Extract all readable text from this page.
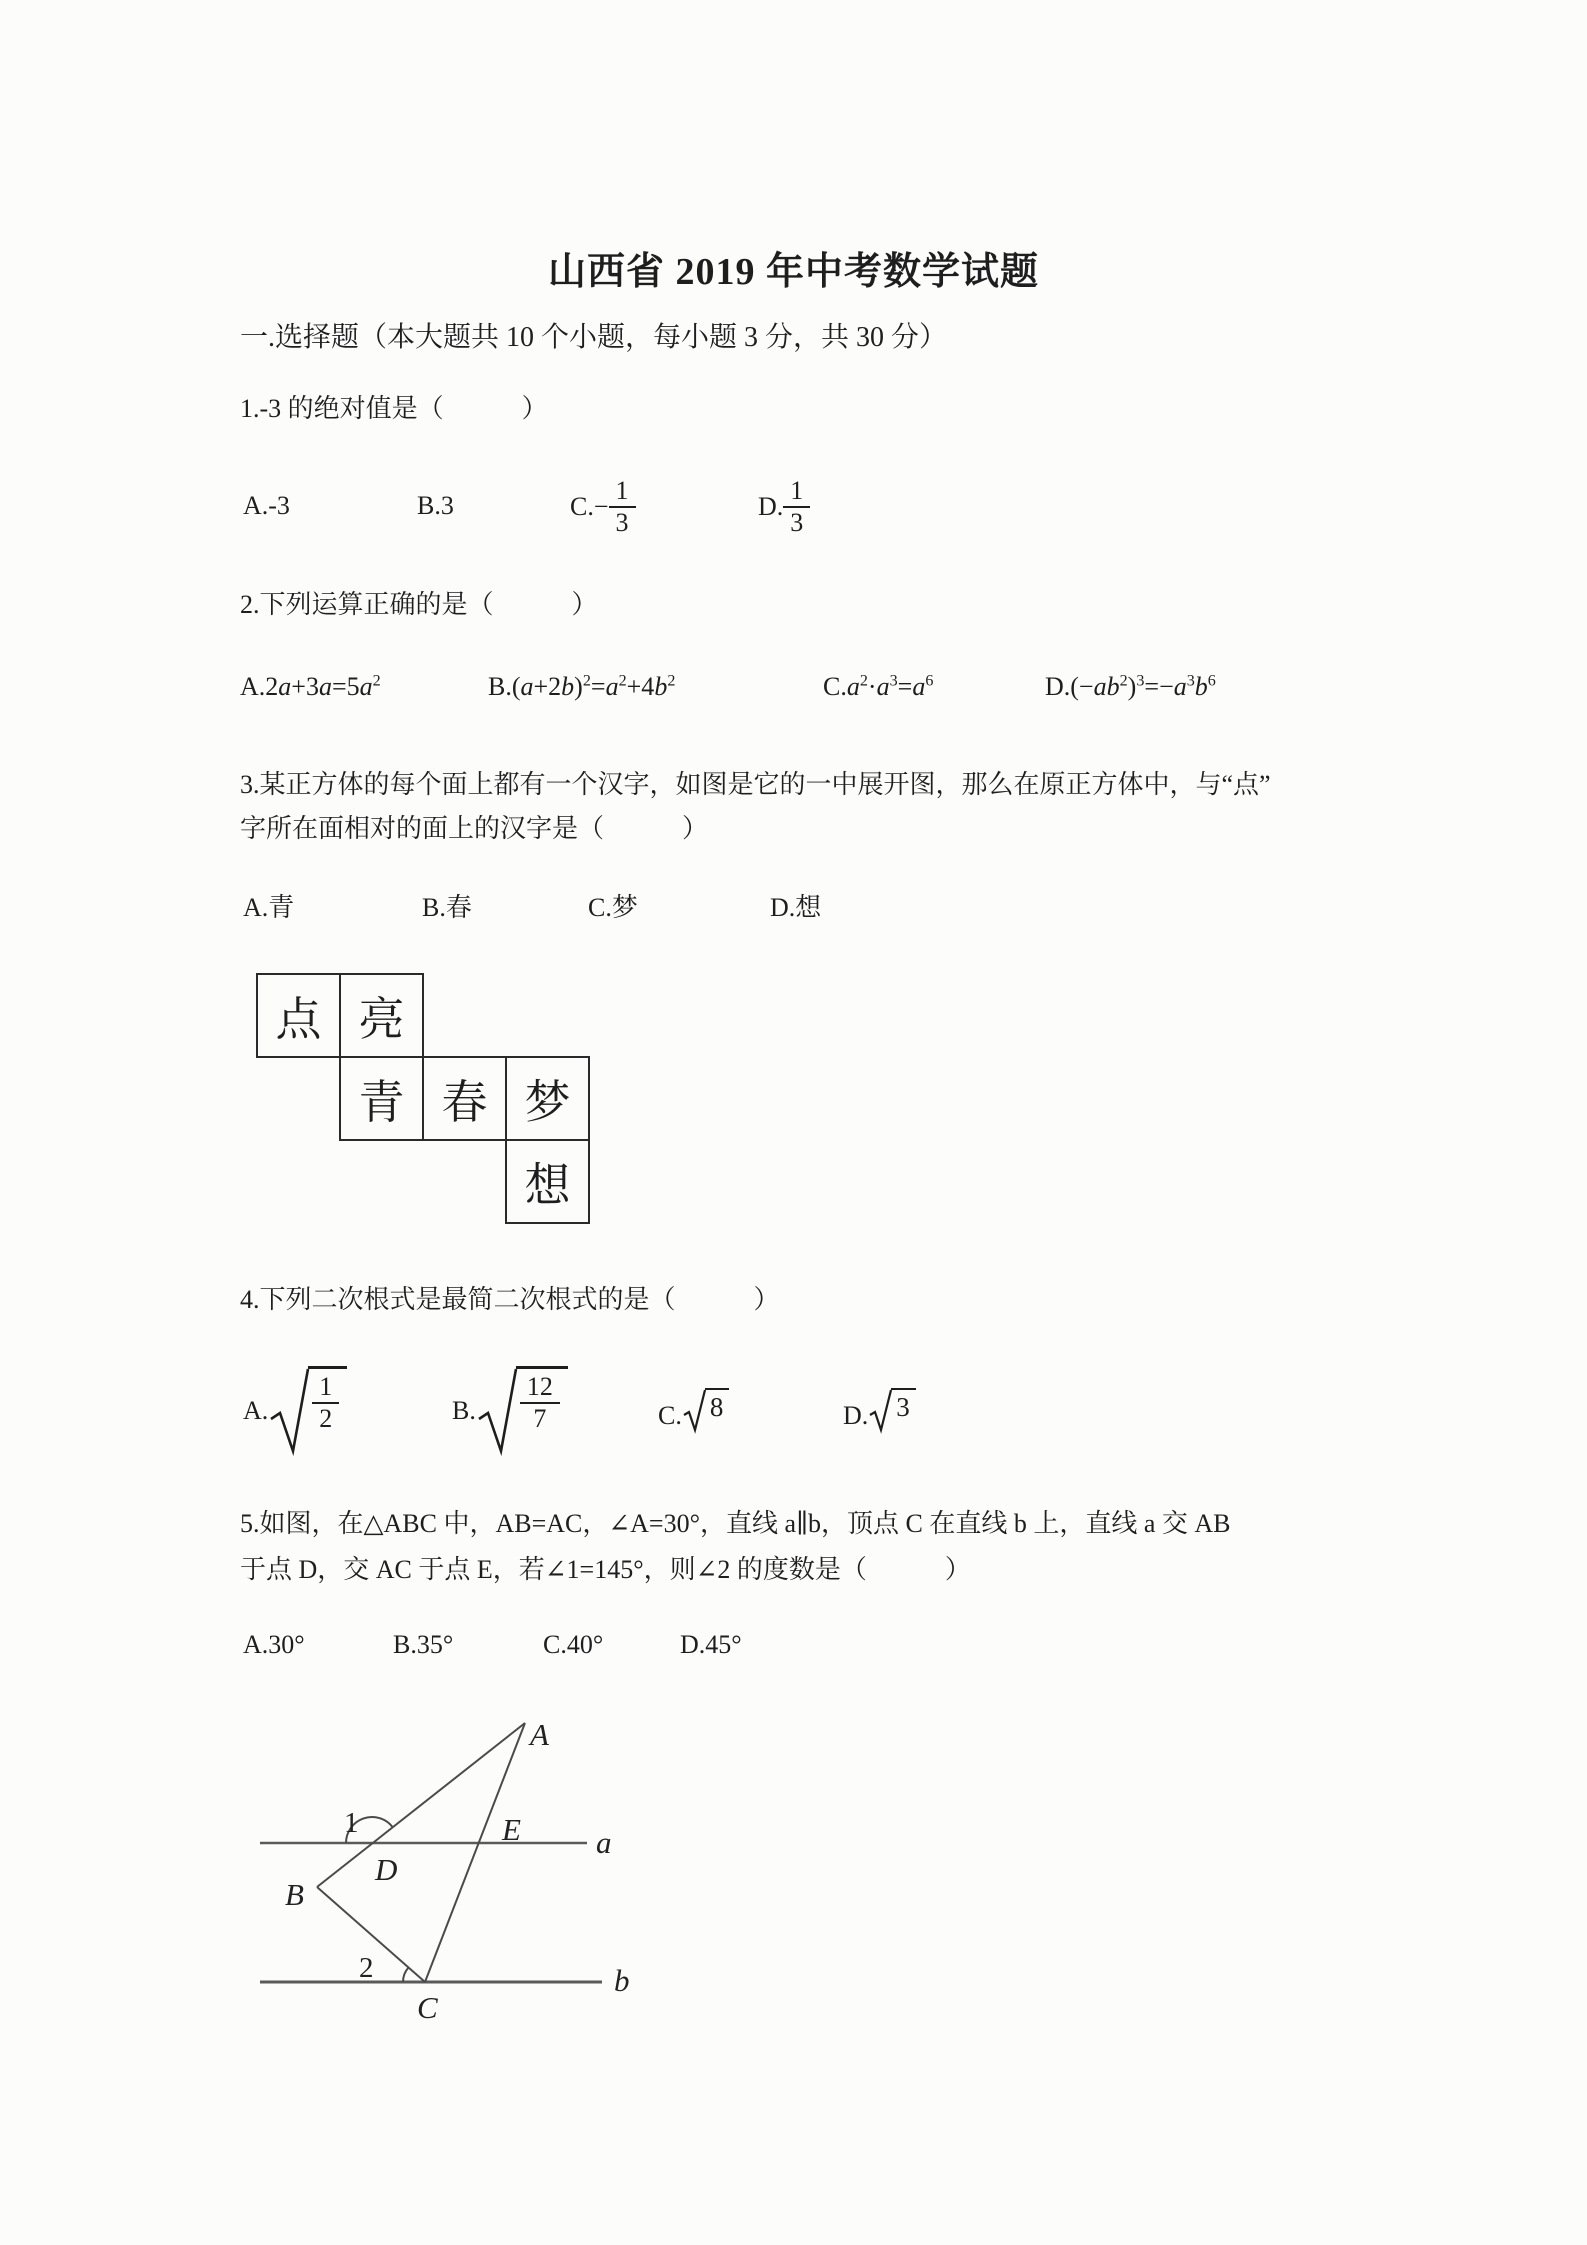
山西省 2019 年中考数学试题
一.选择题（本大题共 10 个小题，每小题 3 分，共 30 分）
1.-3 的绝对值是（　　　）
A.-3	B.3	$C.- \frac{1}{3}$	D. $\frac{1}{3}$
2.下列运算正确的是（　　　）
$A.2a+3a=5a^2$	$B.(a+2b)^2=a^2+4b^2$	$C.a^2\cdot a^3=a^6$	$D.(-ab^2)^3=-a^3b^6$
3.某正方体的每个面上都有一个汉字，如图是它的一中展开图，那么在原正方体中，与“点”
字所在面相对的面上的汉字是（　　　）
A.青	B.春	C.梦	D.想
点 亮
青 春 梦
想
4.下列二次根式是最简二次根式的是（　　　）
A. $\frac{1}{2}$	B. $\frac{12}{7}$	C. 8	D. 3
5.如图，在△ABC 中，AB=AC，∠A=30°，直线 a∥b，顶点 C 在直线 b 上，直线 a 交 AB
于点 D，交 AC 于点 E，若∠1=145°，则∠2 的度数是（　　　）
A.30°	B.35°	C.40°	D.45°
A
B
C
D
E a
b
1
2
